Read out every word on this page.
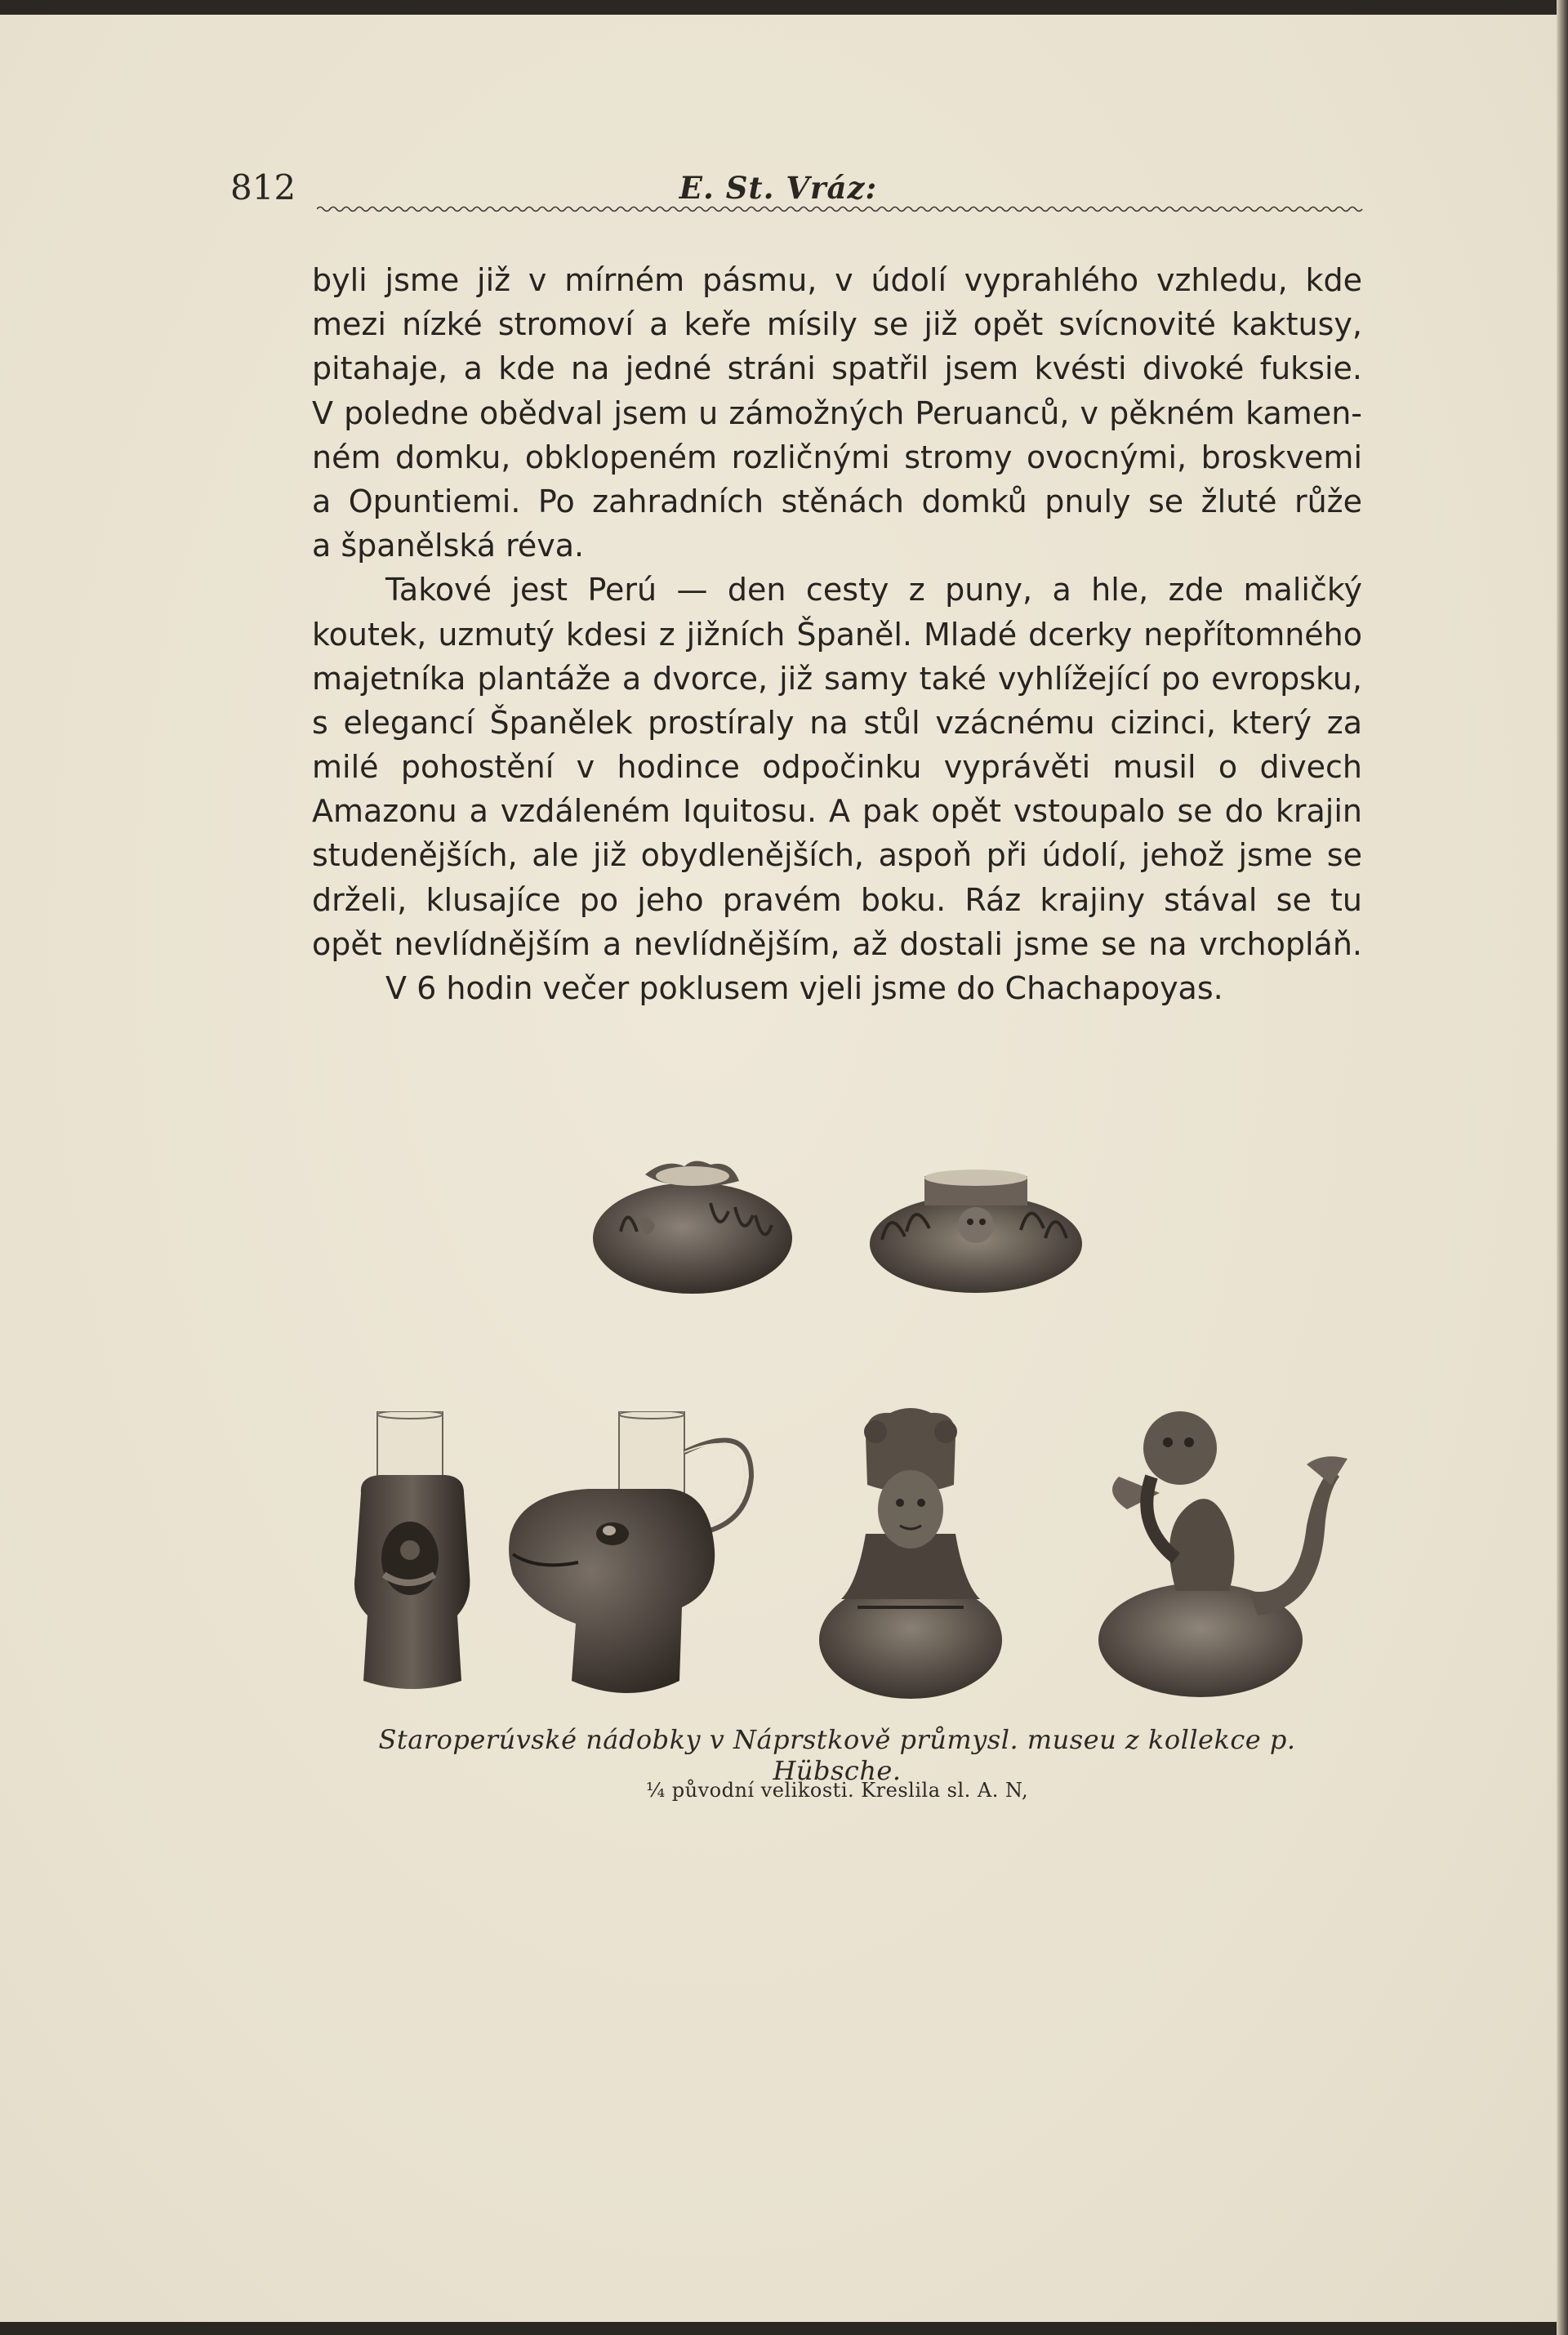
812	E. St. Vráz:

byli jsme již v mírném pásmu, v údolí vyprahlého vzhledu, kde
mezi nízké stromoví a keře mísily se již opět svícnovité kaktusy,
pitahaje, a kde na jedné stráni spatřil jsem kvésti divoké fuksie.
V poledne obědval jsem u zámožných Peruanců, v pěkném kamen-
ném domku, obklopeném rozličnými stromy ovocnými, broskvemi
a Opuntiemi. Po zahradních stěnách domků pnuly se žluté růže
a španělská réva.

Takové jest Perú — den cesty z puny, a hle, zde maličký
koutek, uzmutý kdesi z jižních Španěl. Mladé dcerky nepřítomného
majetníka plantáže a dvorce, již samy také vyhlížející po evropsku,
s elegancí Španělek prostíraly na stůl vzácnému cizinci, který za
milé pohostění v hodince odpočinku vyprávěti musil o divech
Amazonu a vzdáleném Iquitosu. A pak opět vstoupalo se do krajin
studenějších, ale již obydlenějších, aspoň při údolí, jehož jsme se
drželi, klusajíce po jeho pravém boku. Ráz krajiny stával se tu
opět nevlídnějším a nevlídnějším, až dostali jsme se na vrchopláň.

V 6 hodin večer poklusem vjeli jsme do Chachapoyas.

Staroperúvské nádobky v Náprstkově průmysl. museu z kollekce p. Hübsche.
¼ původní velikosti. Kreslila sl. A. N,
